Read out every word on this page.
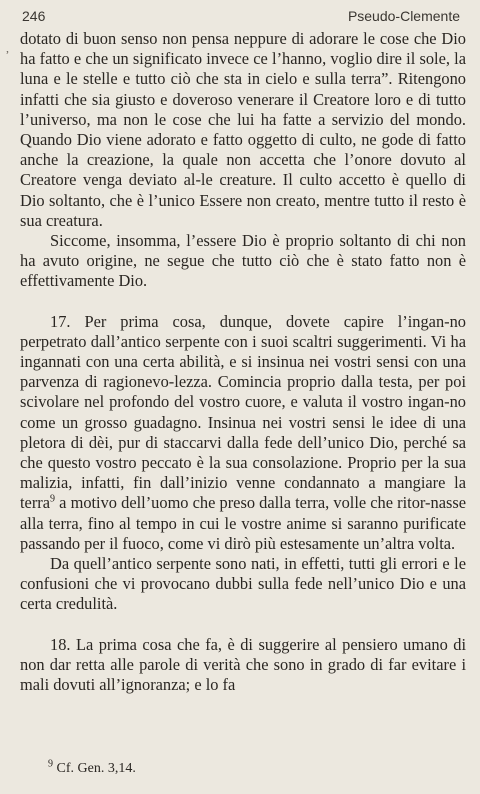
246	Pseudo-Clemente
, dotato di buon senso non pensa neppure di adorare le cose che Dio ha fatto e che un significato invece ce l’hanno, voglio dire il sole, la luna e le stelle e tutto ciò che sta in cielo e sulla terra”. Ritengono infatti che sia giusto e doveroso venerare il Creatore loro e di tutto l’universo, ma non le cose che lui ha fatte a servizio del mondo. Quando Dio viene adorato e fatto oggetto di culto, ne gode di fatto anche la creazione, la quale non accetta che l’onore dovuto al Creatore venga deviato al-le creature. Il culto accetto è quello di Dio soltanto, che è l’unico Essere non creato, mentre tutto il resto è sua creatura.

Siccome, insomma, l’essere Dio è proprio soltanto di chi non ha avuto origine, ne segue che tutto ciò che è stato fatto non è effettivamente Dio.

17. Per prima cosa, dunque, dovete capire l’ingan-no perpetrato dall’antico serpente con i suoi scaltri suggerimenti. Vi ha ingannati con una certa abilità, e si insinua nei vostri sensi con una parvenza di ragionevo-lezza. Comincia proprio dalla testa, per poi scivolare nel profondo del vostro cuore, e valuta il vostro ingan-no come un grosso guadagno. Insinua nei vostri sensi le idee di una pletora di dèi, pur di staccarvi dalla fede dell’unico Dio, perché sa che questo vostro peccato è la sua consolazione. Proprio per la sua malizia, infatti, fin dall’inizio venne condannato a mangiare la terra$^9$ a motivo dell’uomo che preso dalla terra, volle che ritor-nasse alla terra, fino al tempo in cui le vostre anime si saranno purificate passando per il fuoco, come vi dirò più estesamente un’altra volta.

Da quell’antico serpente sono nati, in effetti, tutti gli errori e le confusioni che vi provocano dubbi sulla fede nell’unico Dio e una certa credulità.

18. La prima cosa che fa, è di suggerire al pensiero umano di non dar retta alle parole di verità che sono in grado di far evitare i mali dovuti all’ignoranza; e lo fa

$^9$ Cf. Gen. 3,14.
